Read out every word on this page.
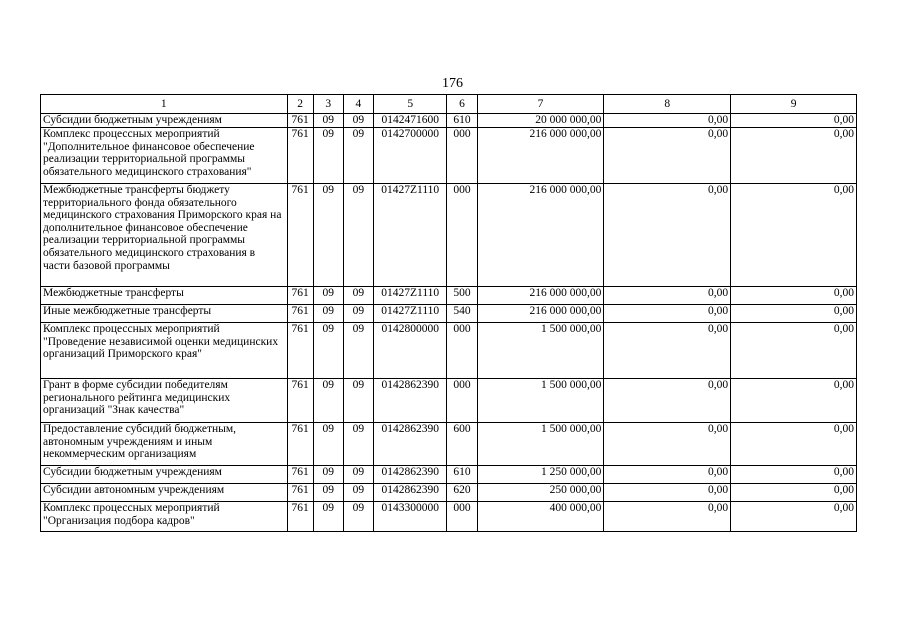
176
1	2	3	4	5	6	7	8	9
Субсидии бюджетным учреждениям	761	09	09	0142471600	610	20 000 000,00	0,00	0,00
Комплекс процессных мероприятий "Дополнительное финансовое обеспечение реализации территориальной программы обязательного медицинского страхования"	761	09	09	0142700000	000	216 000 000,00	0,00	0,00
Межбюджетные трансферты бюджету территориального фонда обязательного медицинского страхования Приморского края на дополнительное финансовое обеспечение реализации территориальной программы обязательного медицинского страхования в части базовой программы	761	09	09	01427Z1110	000	216 000 000,00	0,00	0,00
Межбюджетные трансферты	761	09	09	01427Z1110	500	216 000 000,00	0,00	0,00
Иные межбюджетные трансферты	761	09	09	01427Z1110	540	216 000 000,00	0,00	0,00
Комплекс процессных мероприятий "Проведение независимой оценки медицинских организаций Приморского края"	761	09	09	0142800000	000	1 500 000,00	0,00	0,00
Грант в форме субсидии победителям регионального рейтинга медицинских организаций "Знак качества"	761	09	09	0142862390	000	1 500 000,00	0,00	0,00
Предоставление субсидий бюджетным, автономным учреждениям и иным некоммерческим организациям	761	09	09	0142862390	600	1 500 000,00	0,00	0,00
Субсидии бюджетным учреждениям	761	09	09	0142862390	610	1 250 000,00	0,00	0,00
Субсидии автономным учреждениям	761	09	09	0142862390	620	250 000,00	0,00	0,00
Комплекс процессных мероприятий "Организация подбора кадров"	761	09	09	0143300000	000	400 000,00	0,00	0,00
